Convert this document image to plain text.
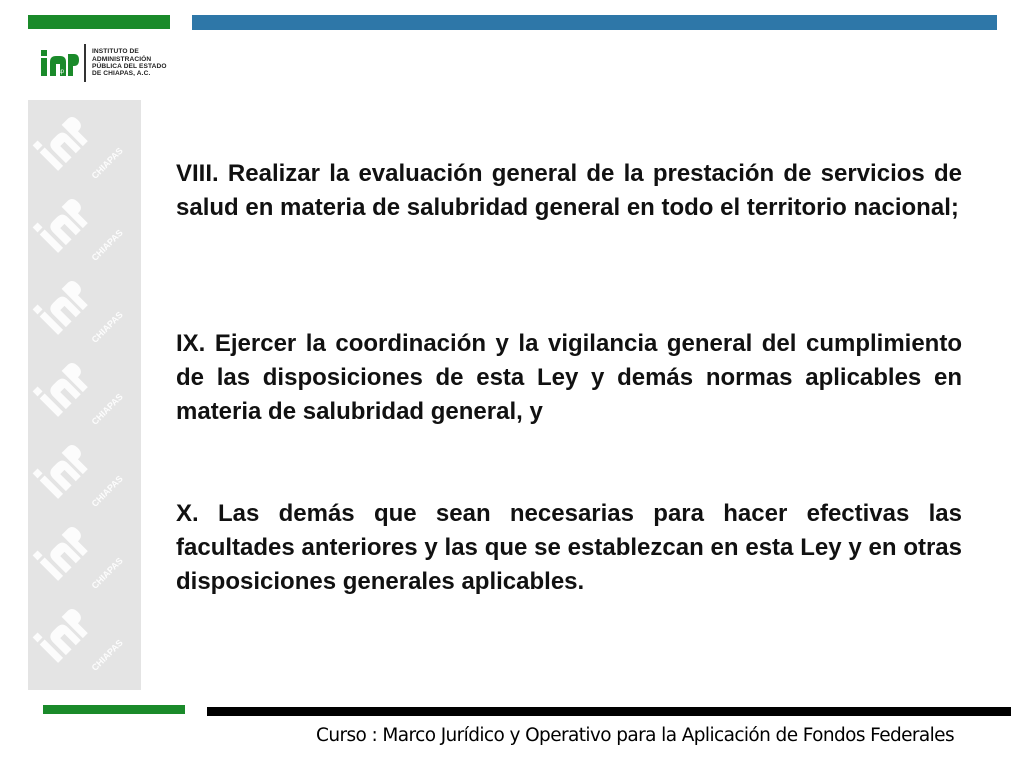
iap
INSTITUTO DE
ADMINISTRACIÓN
PÚBLICA DEL ESTADO
DE CHIAPAS, A.C.

VIII. Realizar la evaluación general de la prestación de servicios de salud en materia de salubridad general en todo el territorio nacional;

IX. Ejercer la coordinación y la vigilancia general del cumplimiento de las disposiciones de esta Ley y demás normas aplicables en materia de salubridad general, y

X. Las demás que sean necesarias para hacer efectivas las facultades anteriores y las que se establezcan en esta Ley y en otras disposiciones generales aplicables.

Curso : Marco Jurídico y Operativo para la Aplicación de Fondos Federales
